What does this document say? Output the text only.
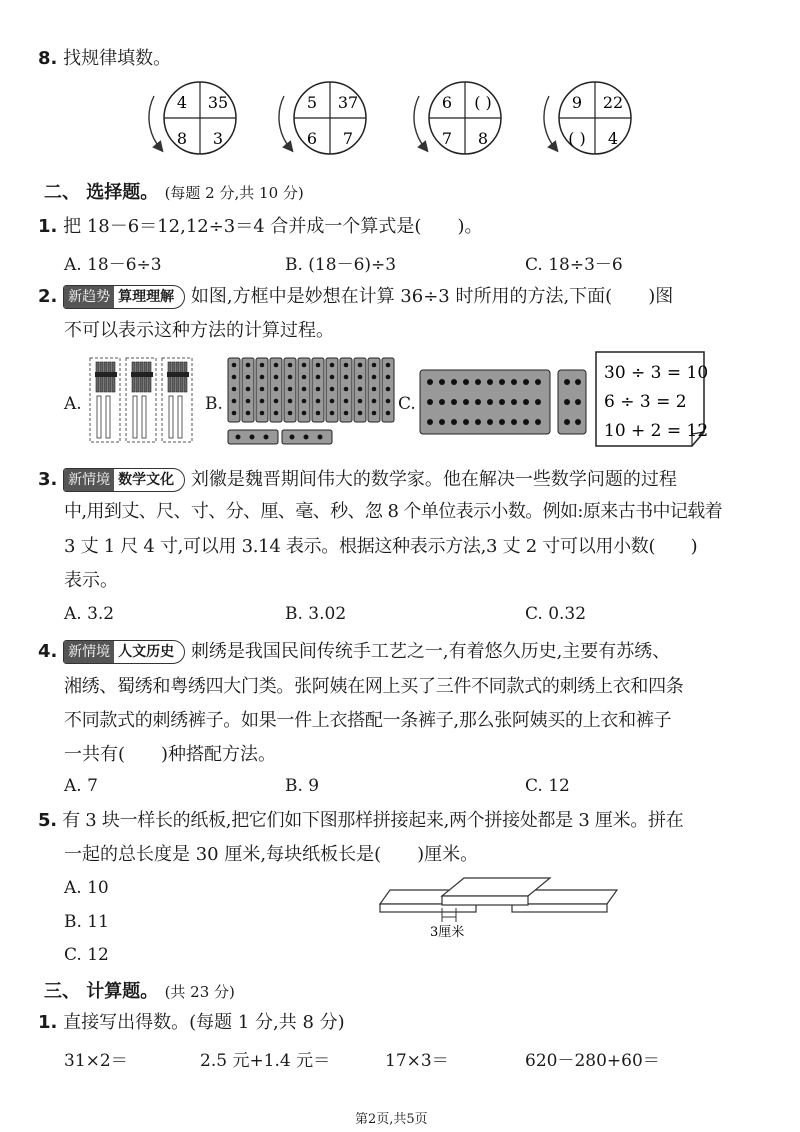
8. 找规律填数。
4 35
8 3
5 37
6 7
6 ( )
7 8
9 22
( ) 4
二、 选择题。 (每题 2 分,共 10 分)
1. 把 18－6＝12,12÷3＝4 合并成一个算式是(　　)。
A. 18－6÷3	B. (18－6)÷3	C. 18÷3－6
2. 新趋势 算理理解 如图,方框中是妙想在计算 36÷3 时所用的方法,下面(　　)图
不可以表示这种方法的计算过程。
A.	B.	C.
30 ÷ 3 = 10
6 ÷ 3 = 2
10 + 2 = 12
3. 新情境 数学文化 刘徽是魏晋期间伟大的数学家。他在解决一些数学问题的过程
中,用到丈、尺、寸、分、厘、毫、秒、忽 8 个单位表示小数。例如:原来古书中记载着
3 丈 1 尺 4 寸,可以用 3.14 表示。根据这种表示方法,3 丈 2 寸可以用小数(　　)
表示。
A. 3.2	B. 3.02	C. 0.32
4. 新情境 人文历史 刺绣是我国民间传统手工艺之一,有着悠久历史,主要有苏绣、
湘绣、蜀绣和粤绣四大门类。张阿姨在网上买了三件不同款式的刺绣上衣和四条
不同款式的刺绣裤子。如果一件上衣搭配一条裤子,那么张阿姨买的上衣和裤子
一共有(　　)种搭配方法。
A. 7	B. 9	C. 12
5. 有 3 块一样长的纸板,把它们如下图那样拼接起来,两个拼接处都是 3 厘米。拼在
一起的总长度是 30 厘米,每块纸板长是(　　)厘米。
A. 10
B. 11
C. 12
3厘米
三、 计算题。 (共 23 分)
1. 直接写出得数。(每题 1 分,共 8 分)
31×2＝	2.5 元+1.4 元＝	17×3＝	620－280+60＝
第2页,共5页
